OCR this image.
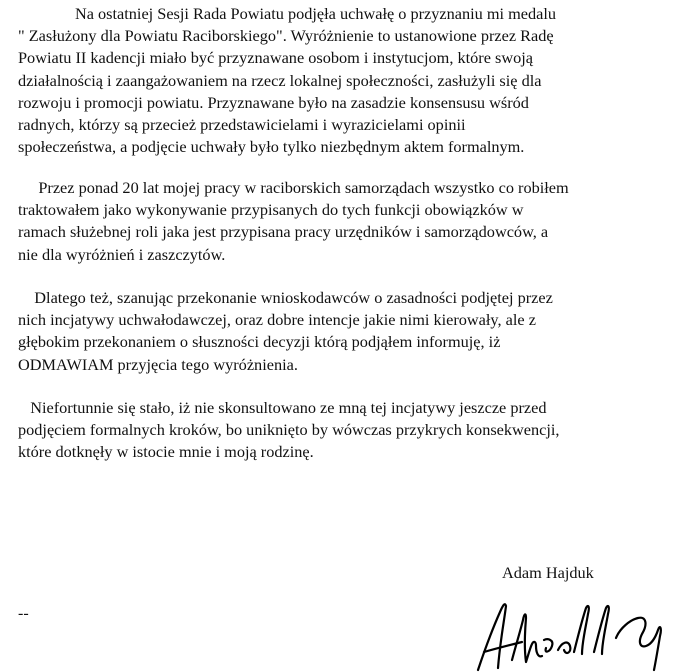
Na ostatniej Sesji Rada Powiatu podjęła uchwałę o przyznaniu mi medalu
" Zasłużony dla Powiatu Raciborskiego". Wyróżnienie to ustanowione przez Radę
Powiatu II kadencji miało być przyznawane osobom i instytucjom, które swoją
działalnością i zaangażowaniem na rzecz lokalnej społeczności, zasłużyli się dla
rozwoju i promocji powiatu. Przyznawane było na zasadzie konsensusu wśród
radnych, którzy są przecież przedstawicielami i wyrazicielami opinii
społeczeństwa, a podjęcie uchwały było tylko niezbędnym aktem formalnym.
Przez ponad 20 lat mojej pracy w raciborskich samorządach wszystko co robiłem
traktowałem jako wykonywanie przypisanych do tych funkcji obowiązków w
ramach służebnej roli jaka jest przypisana pracy urzędników i samorządowców, a
nie dla wyróżnień i zaszczytów.
Dlatego też, szanując przekonanie wnioskodawców o zasadności podjętej przez
nich incjatywy uchwałodawczej, oraz dobre intencje jakie nimi kierowały, ale z
głębokim przekonaniem o słuszności decyzji którą podjąłem informuję, iż
ODMAWIAM przyjęcia tego wyróżnienia.
Niefortunnie się stało, iż nie skonsultowano ze mną tej incjatywy jeszcze przed
podjęciem formalnych kroków, bo uniknięto by wówczas przykrych konsekwencji,
które dotknęły w istocie mnie i moją rodzinę.
Adam Hajduk
--
